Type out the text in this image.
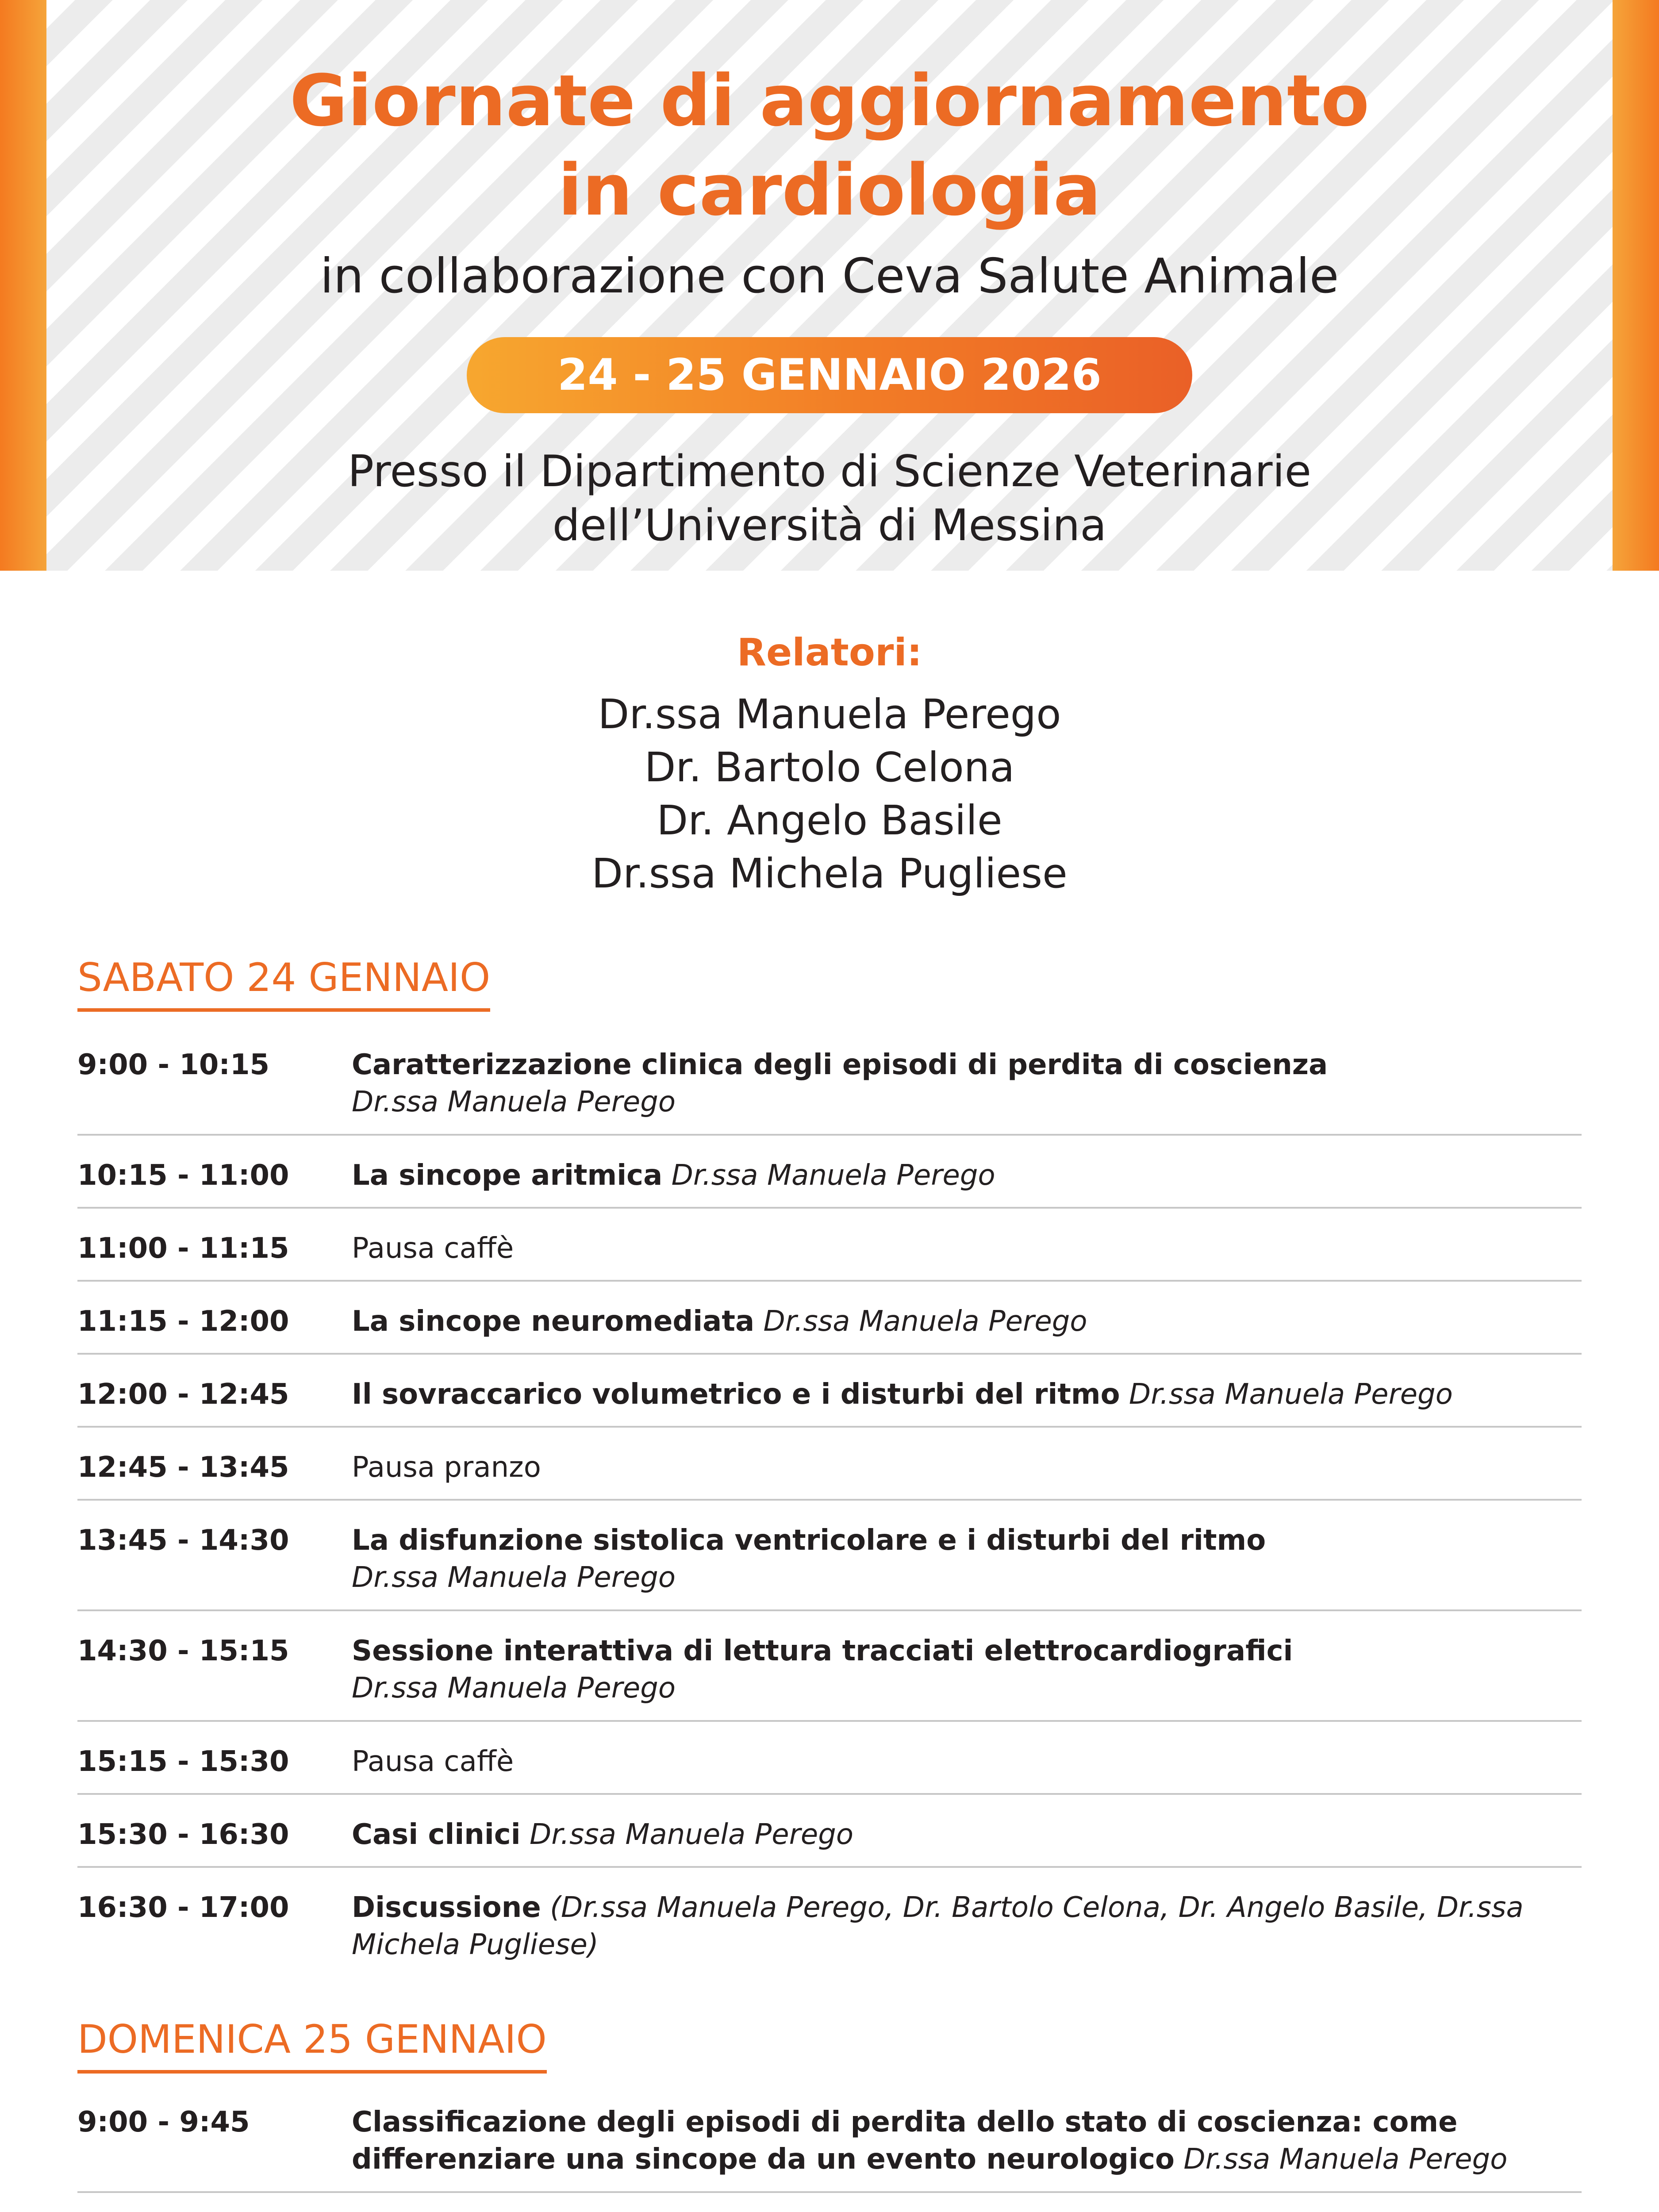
Giornate di aggiornamento
in cardiologia
in collaborazione con Ceva Salute Animale
24 - 25 GENNAIO 2026
Presso il Dipartimento di Scienze Veterinarie
dell’Università di Messina
Relatori:
Dr.ssa Manuela Perego
Dr. Bartolo Celona
Dr. Angelo Basile
Dr.ssa Michela Pugliese
SABATO 24 GENNAIO
9:00 - 10:15	Caratterizzazione clinica degli episodi di perdita di coscienza
Dr.ssa Manuela Perego
10:15 - 11:00 La sincope aritmica Dr.ssa Manuela Perego
11:00 - 11:15 Pausa caffè
11:15 - 12:00 La sincope neuromediata Dr.ssa Manuela Perego
12:00 - 12:45 Il sovraccarico volumetrico e i disturbi del ritmo Dr.ssa Manuela Perego
12:45 - 13:45 Pausa pranzo
13:45 - 14:30 La disfunzione sistolica ventricolare e i disturbi del ritmo
Dr.ssa Manuela Perego
14:30 - 15:15 Sessione interattiva di lettura tracciati elettrocardiografici
Dr.ssa Manuela Perego
15:15 - 15:30 Pausa caffè
15:30 - 16:30 Casi clinici Dr.ssa Manuela Perego
16:30 - 17:00 Discussione (Dr.ssa Manuela Perego, Dr. Bartolo Celona, Dr. Angelo Basile, Dr.ssa Michela Pugliese)
DOMENICA 25 GENNAIO
9:00 - 9:45	Classificazione degli episodi di perdita dello stato di coscienza: come differenziare una sincope da un evento neurologico Dr.ssa Manuela Perego
